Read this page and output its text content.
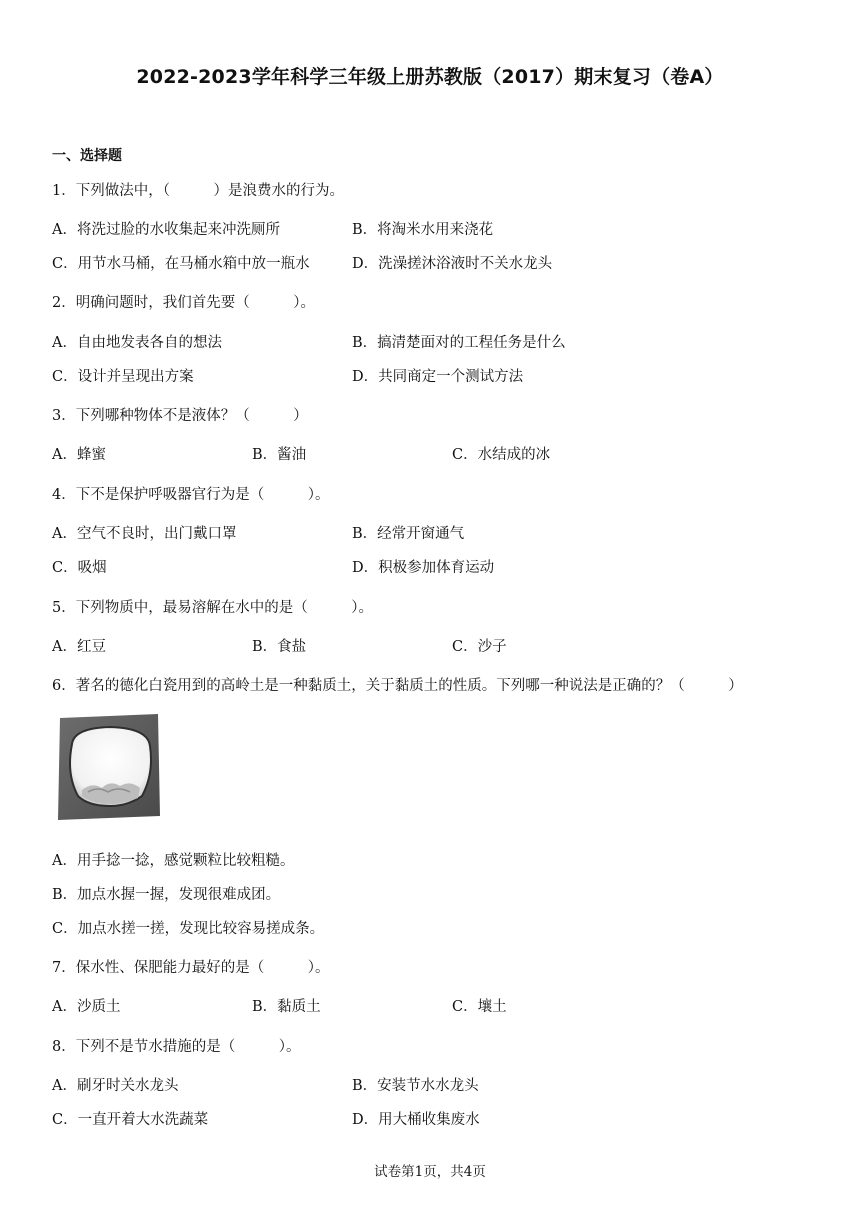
2022-2023学年科学三年级上册苏教版（2017）期末复习（卷A）
一、选择题
1．下列做法中，（　　　）是浪费水的行为。
A．将洗过脸的水收集起来冲洗厕所	B．将淘米水用来浇花
C．用节水马桶，在马桶水箱中放一瓶水	D．洗澡搓沐浴液时不关水龙头
2．明确问题时，我们首先要（　　　）。
A．自由地发表各自的想法	B．搞清楚面对的工程任务是什么
C．设计并呈现出方案	D．共同商定一个测试方法
3．下列哪种物体不是液体？（　　　）
A．蜂蜜	B．酱油	C．水结成的冰
4．下不是保护呼吸器官行为是（　　　）。
A．空气不良时，出门戴口罩	B．经常开窗通气
C．吸烟	D．积极参加体育运动
5．下列物质中，最易溶解在水中的是（　　　）。
A．红豆	B．食盐	C．沙子
6．著名的德化白瓷用到的高岭土是一种黏质土，关于黏质土的性质。下列哪一种说法是正确的？（　　　）
A．用手捻一捻，感觉颗粒比较粗糙。
B．加点水握一握，发现很难成团。
C．加点水搓一搓，发现比较容易搓成条。
7．保水性、保肥能力最好的是（　　　）。
A．沙质土	B．黏质土	C．壤土
8．下列不是节水措施的是（　　　）。
A．刷牙时关水龙头	B．安装节水水龙头
C．一直开着大水洗蔬菜	D．用大桶收集废水
试卷第1页，共4页
